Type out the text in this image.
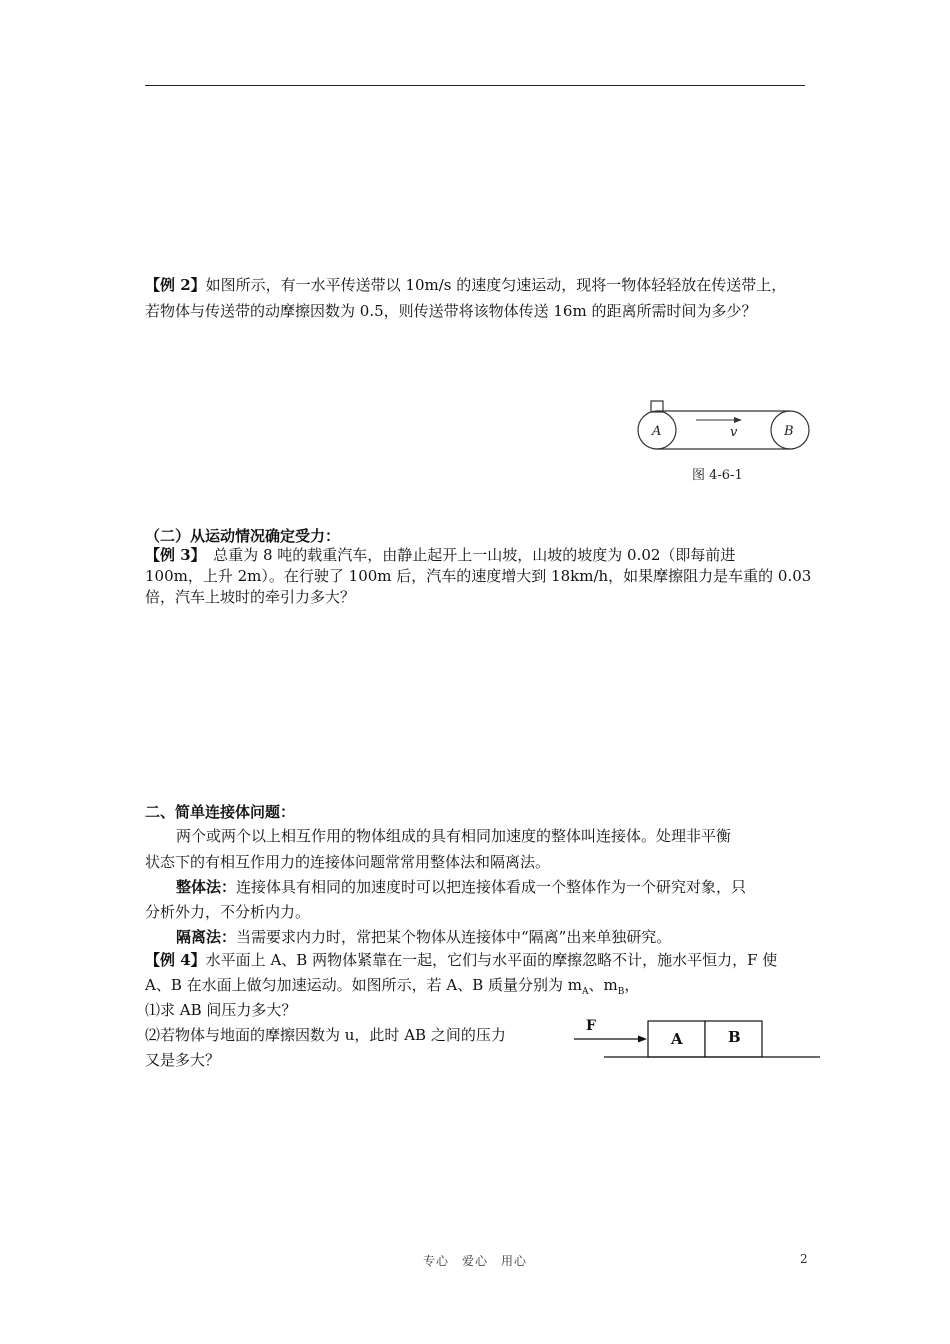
【例 2】如图所示，有一水平传送带以 10m/s 的速度匀速运动，现将一物体轻轻放在传送带上，
若物体与传送带的动摩擦因数为 0.5，则传送带将该物体传送 16m 的距离所需时间为多少？
A	B
v
图 4-6-1
（二）从运动情况确定受力：
【例 3】　总重为 8 吨的载重汽车，由静止起开上一山坡，山坡的坡度为 0.02（即每前进
100m，上升 2m）。在行驶了 100m 后，汽车的速度增大到 18km/h，如果摩擦阻力是车重的 0.03
倍，汽车上坡时的牵引力多大？
二、简单连接体问题：
两个或两个以上相互作用的物体组成的具有相同加速度的整体叫连接体。处理非平衡
状态下的有相互作用力的连接体问题常常用整体法和隔离法。
整体法：连接体具有相同的加速度时可以把连接体看成一个整体作为一个研究对象，只
分析外力，不分析内力。
隔离法：当需要求内力时，常把某个物体从连接体中“隔离”出来单独研究。
【例 4】水平面上 A、B 两物体紧靠在一起，它们与水平面的摩擦忽略不计，施水平恒力，F 使
A、B 在水面上做匀加速运动。如图所示，若 A、B 质量分别为 $m_A$、$m_B$，
⑴求 AB 间压力多大？
⑵若物体与地面的摩擦因数为 u，此时 AB 之间的压力
又是多大？
F
A	B
专心　爱心　用心	2
